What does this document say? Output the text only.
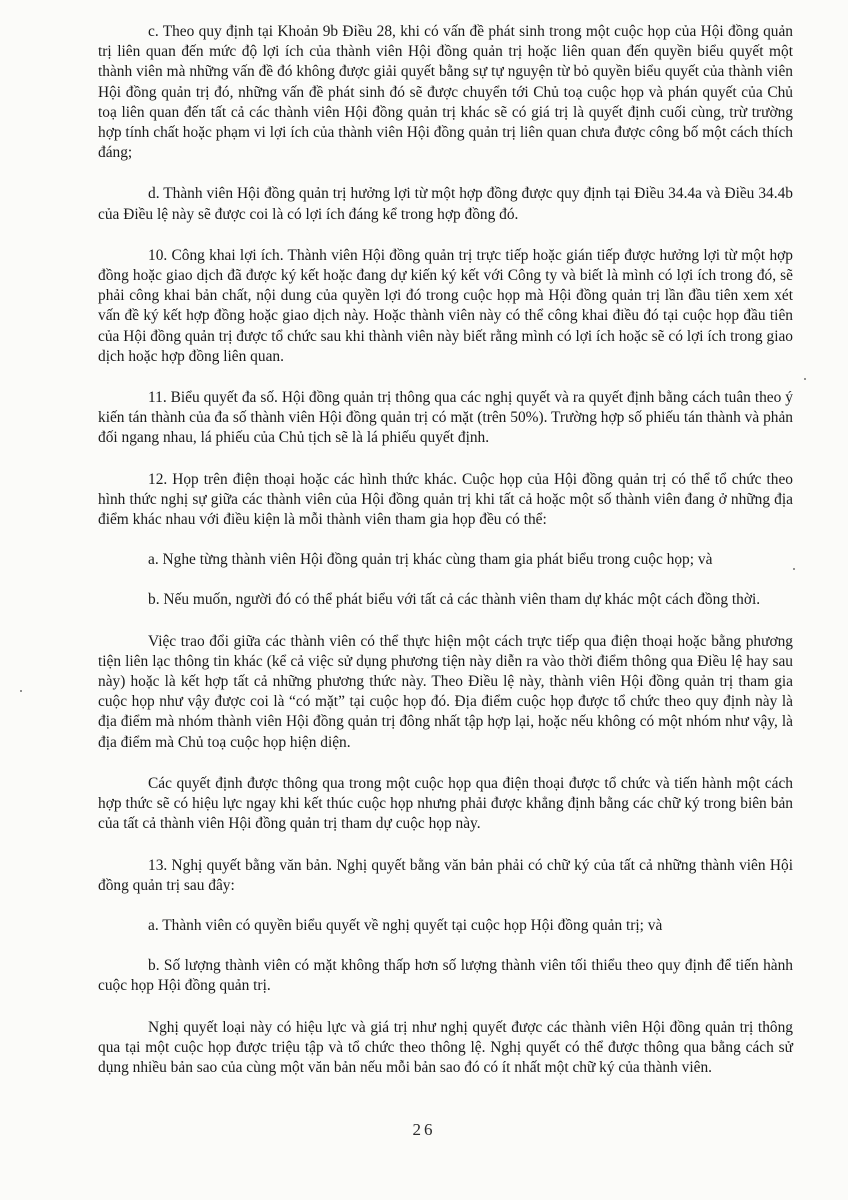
c. Theo quy định tại Khoản 9b Điều 28, khi có vấn đề phát sinh trong một cuộc họp của Hội đồng quản trị liên quan đến mức độ lợi ích của thành viên Hội đồng quản trị hoặc liên quan đến quyền biểu quyết một thành viên mà những vấn đề đó không được giải quyết bằng sự tự nguyện từ bỏ quyền biểu quyết của thành viên Hội đồng quản trị đó, những vấn đề phát sinh đó sẽ được chuyển tới Chủ toạ cuộc họp và phán quyết của Chủ toạ liên quan đến tất cả các thành viên Hội đồng quản trị khác sẽ có giá trị là quyết định cuối cùng, trừ trường hợp tính chất hoặc phạm vi lợi ích của thành viên Hội đồng quản trị liên quan chưa được công bố một cách thích đáng;

d. Thành viên Hội đồng quản trị hưởng lợi từ một hợp đồng được quy định tại Điều 34.4a và Điều 34.4b của Điều lệ này sẽ được coi là có lợi ích đáng kể trong hợp đồng đó.

10. Công khai lợi ích. Thành viên Hội đồng quản trị trực tiếp hoặc gián tiếp được hưởng lợi từ một hợp đồng hoặc giao dịch đã được ký kết hoặc đang dự kiến ký kết với Công ty và biết là mình có lợi ích trong đó, sẽ phải công khai bản chất, nội dung của quyền lợi đó trong cuộc họp mà Hội đồng quản trị lần đầu tiên xem xét vấn đề ký kết hợp đồng hoặc giao dịch này. Hoặc thành viên này có thể công khai điều đó tại cuộc họp đầu tiên của Hội đồng quản trị được tổ chức sau khi thành viên này biết rằng mình có lợi ích hoặc sẽ có lợi ích trong giao dịch hoặc hợp đồng liên quan.

11. Biểu quyết đa số. Hội đồng quản trị thông qua các nghị quyết và ra quyết định bằng cách tuân theo ý kiến tán thành của đa số thành viên Hội đồng quản trị có mặt (trên 50%). Trường hợp số phiếu tán thành và phản đối ngang nhau, lá phiếu của Chủ tịch sẽ là lá phiếu quyết định.

12. Họp trên điện thoại hoặc các hình thức khác. Cuộc họp của Hội đồng quản trị có thể tổ chức theo hình thức nghị sự giữa các thành viên của Hội đồng quản trị khi tất cả hoặc một số thành viên đang ở những địa điểm khác nhau với điều kiện là mỗi thành viên tham gia họp đều có thể:

a. Nghe từng thành viên Hội đồng quản trị khác cùng tham gia phát biểu trong cuộc họp; và

b. Nếu muốn, người đó có thể phát biểu với tất cả các thành viên tham dự khác một cách đồng thời.

Việc trao đổi giữa các thành viên có thể thực hiện một cách trực tiếp qua điện thoại hoặc bằng phương tiện liên lạc thông tin khác (kể cả việc sử dụng phương tiện này diễn ra vào thời điểm thông qua Điều lệ hay sau này) hoặc là kết hợp tất cả những phương thức này. Theo Điều lệ này, thành viên Hội đồng quản trị tham gia cuộc họp như vậy được coi là “có mặt” tại cuộc họp đó. Địa điểm cuộc họp được tổ chức theo quy định này là địa điểm mà nhóm thành viên Hội đồng quản trị đông nhất tập hợp lại, hoặc nếu không có một nhóm như vậy, là địa điểm mà Chủ toạ cuộc họp hiện diện.

Các quyết định được thông qua trong một cuộc họp qua điện thoại được tổ chức và tiến hành một cách hợp thức sẽ có hiệu lực ngay khi kết thúc cuộc họp nhưng phải được khẳng định bằng các chữ ký trong biên bản của tất cả thành viên Hội đồng quản trị tham dự cuộc họp này.

13. Nghị quyết bằng văn bản. Nghị quyết bằng văn bản phải có chữ ký của tất cả những thành viên Hội đồng quản trị sau đây:

a. Thành viên có quyền biểu quyết về nghị quyết tại cuộc họp Hội đồng quản trị; và

b. Số lượng thành viên có mặt không thấp hơn số lượng thành viên tối thiểu theo quy định để tiến hành cuộc họp Hội đồng quản trị.

Nghị quyết loại này có hiệu lực và giá trị như nghị quyết được các thành viên Hội đồng quản trị thông qua tại một cuộc họp được triệu tập và tổ chức theo thông lệ. Nghị quyết có thể được thông qua bằng cách sử dụng nhiều bản sao của cùng một văn bản nếu mỗi bản sao đó có ít nhất một chữ ký của thành viên.

26
